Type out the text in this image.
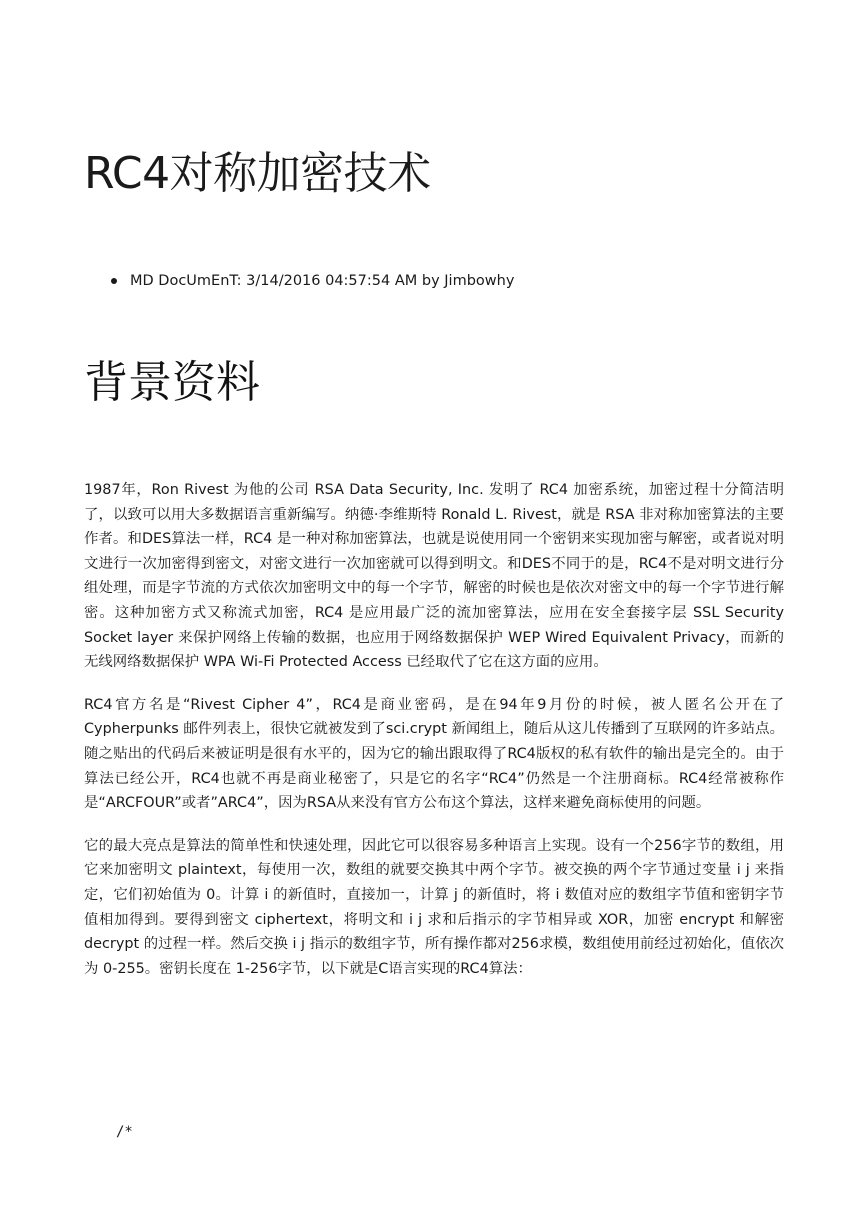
RC4对称加密技术
MD DocUmEnT: 3/14/2016 04:57:54 AM by Jimbowhy
背景资料

1987年，Ron Rivest 为他的公司 RSA Data Security, Inc. 发明了 RC4 加密系统，加密过程十分简洁明了，以致可以用大多数据语言重新编写。纳德·李维斯特 Ronald L. Rivest，就是 RSA 非对称加密算法的主要作者。和DES算法一样，RC4 是一种对称加密算法，也就是说使用同一个密钥来实现加密与解密，或者说对明文进行一次加密得到密文，对密文进行一次加密就可以得到明文。和DES不同于的是，RC4不是对明文进行分组处理，而是字节流的方式依次加密明文中的每一个字节，解密的时候也是依次对密文中的每一个字节进行解密。这种加密方式又称流式加密，RC4 是应用最广泛的流加密算法，应用在安全套接字层 SSL Security Socket layer 来保护网络上传输的数据，也应用于网络数据保护 WEP Wired Equivalent Privacy，而新的无线网络数据保护 WPA Wi-Fi Protected Access 已经取代了它在这方面的应用。

RC4官方名是“Rivest Cipher 4”，RC4是商业密码，是在94年9月份的时候，被人匿名公开在了 Cypherpunks 邮件列表上，很快它就被发到了sci.crypt 新闻组上，随后从这儿传播到了互联网的许多站点。随之贴出的代码后来被证明是很有水平的，因为它的输出跟取得了RC4版权的私有软件的输出是完全的。由于算法已经公开，RC4也就不再是商业秘密了，只是它的名字“RC4”仍然是一个注册商标。RC4经常被称作是“ARCFOUR”或者”ARC4”，因为RSA从来没有官方公布这个算法，这样来避免商标使用的问题。

它的最大亮点是算法的简单性和快速处理，因此它可以很容易多种语言上实现。设有一个256字节的数组，用它来加密明文 plaintext，每使用一次，数组的就要交换其中两个字节。被交换的两个字节通过变量 i j 来指定，它们初始值为 0。计算 i 的新值时，直接加一，计算 j 的新值时，将 i 数值对应的数组字节值和密钥字节值相加得到。要得到密文 ciphertext，将明文和 i j 求和后指示的字节相异或 XOR，加密 encrypt 和解密 decrypt 的过程一样。然后交换 i j 指示的数组字节，所有操作都对256求模，数组使用前经过初始化，值依次为 0-255。密钥长度在 1-256字节，以下就是C语言实现的RC4算法：

/*
